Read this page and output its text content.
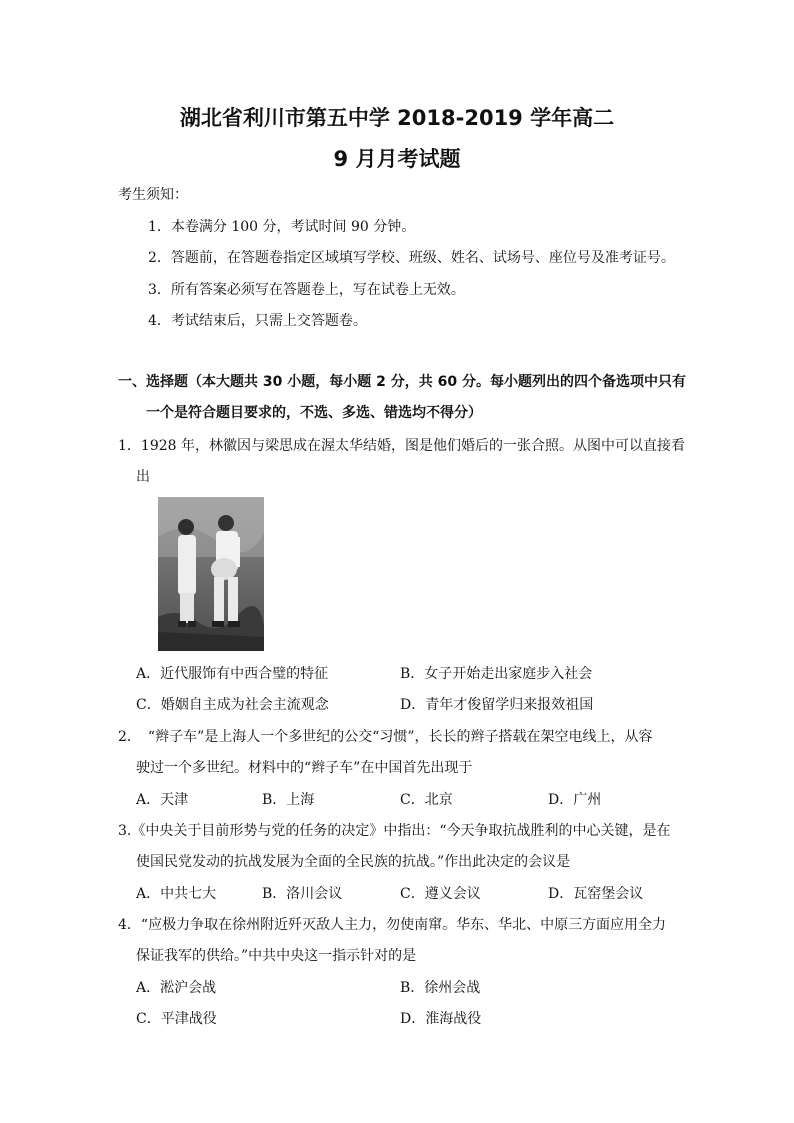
湖北省利川市第五中学 2018-2019 学年高二
9 月月考试题

考生须知：

1．本卷满分 100 分，考试时间 90 分钟。

2．答题前，在答题卷指定区域填写学校、班级、姓名、试场号、座位号及准考证号。

3．所有答案必须写在答题卷上，写在试卷上无效。

4．考试结束后，只需上交答题卷。

一、选择题（本大题共 30 小题，每小题 2 分，共 60 分。每小题列出的四个备选项中只有

一个是符合题目要求的，不选、多选、错选均不得分）

1．1928 年，林徽因与梁思成在渥太华结婚，图是他们婚后的一张合照。从图中可以直接看

出

A．近代服饰有中西合璧的特征	B．女子开始走出家庭步入社会

C．婚姻自主成为社会主流观念	D．青年才俊留学归来报效祖国

2．　“辫子车”是上海人一个多世纪的公交“习惯”，长长的辫子搭载在架空电线上，从容

驶过一个多世纪。材料中的“辫子车”在中国首先出现于

A．天津	B．上海	C．北京	D．广州

3.《中央关于目前形势与党的任务的决定》中指出：“今天争取抗战胜利的中心关键，是在

使国民党发动的抗战发展为全面的全民族的抗战。”作出此决定的会议是

A．中共七大	B．洛川会议	C．遵义会议	D．瓦窑堡会议

4．“应极力争取在徐州附近歼灭敌人主力，勿使南窜。华东、华北、中原三方面应用全力

保证我军的供给。”中共中央这一指示针对的是

A．淞沪会战	B．徐州会战

C．平津战役	D．淮海战役
